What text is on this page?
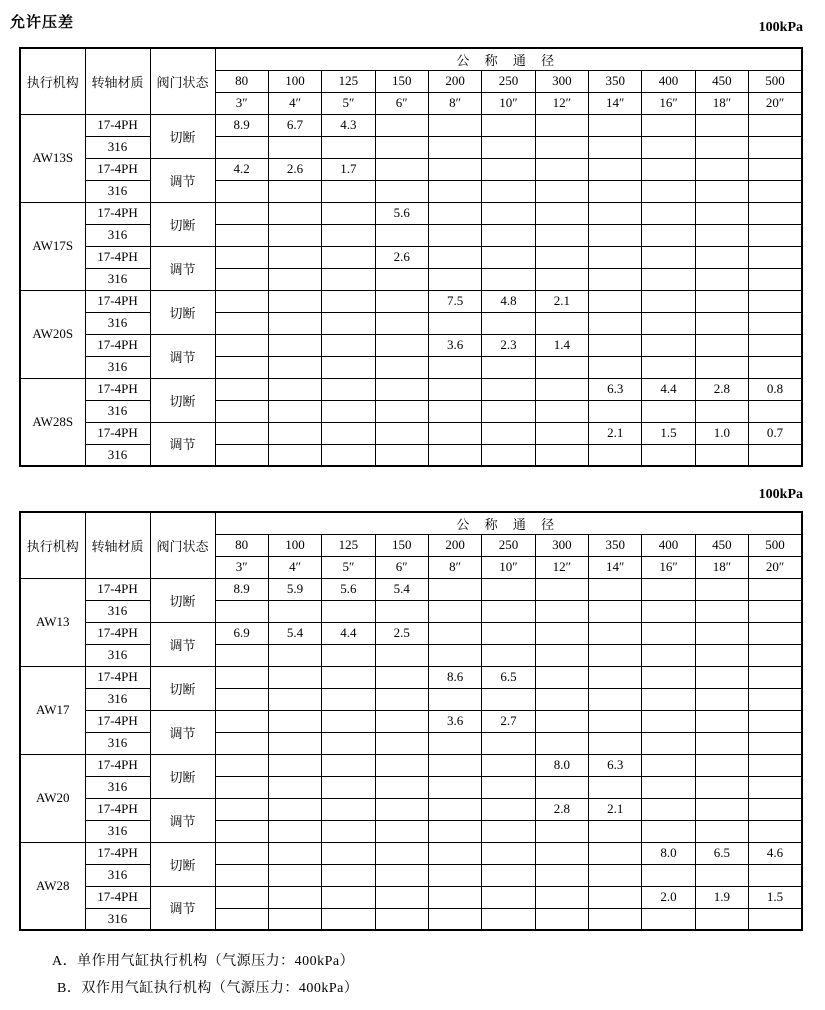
允许压差	100kPa
执行机构	转轴材质	阀门状态	公 称 通 径										
			80	100	125	150	200	250	300	350	400	450	500
			3″	4″	5″	6″	8″	10″	12″	14″	16″	18″	20″
AW13S	17-4PH	切断	8.9	6.7	4.3								
	316												
	17-4PH	调节	4.2	2.6	1.7								
	316												
AW17S	17-4PH	切断				5.6							
	316												
	17-4PH	调节				2.6							
	316												
AW20S	17-4PH	切断					7.5	4.8	2.1				
	316												
	17-4PH	调节					3.6	2.3	1.4				
	316												
AW28S	17-4PH	切断								6.3	4.4	2.8	0.8
	316												
	17-4PH	调节								2.1	1.5	1.0	0.7
	316												
100kPa
执行机构	转轴材质	阀门状态	公 称 通 径										
			80	100	125	150	200	250	300	350	400	450	500
			3″	4″	5″	6″	8″	10″	12″	14″	16″	18″	20″
AW13	17-4PH	切断	8.9	5.9	5.6	5.4							
	316												
	17-4PH	调节	6.9	5.4	4.4	2.5							
	316												
AW17	17-4PH	切断					8.6	6.5					
	316												
	17-4PH	调节					3.6	2.7					
	316												
AW20	17-4PH	切断							8.0	6.3			
	316												
	17-4PH	调节							2.8	2.1			
	316												
AW28	17-4PH	切断									8.0	6.5	4.6
	316												
	17-4PH	调节									2.0	1.9	1.5
	316												
A．单作用气缸执行机构（气源压力：400kPa）
B．双作用气缸执行机构（气源压力：400kPa）
